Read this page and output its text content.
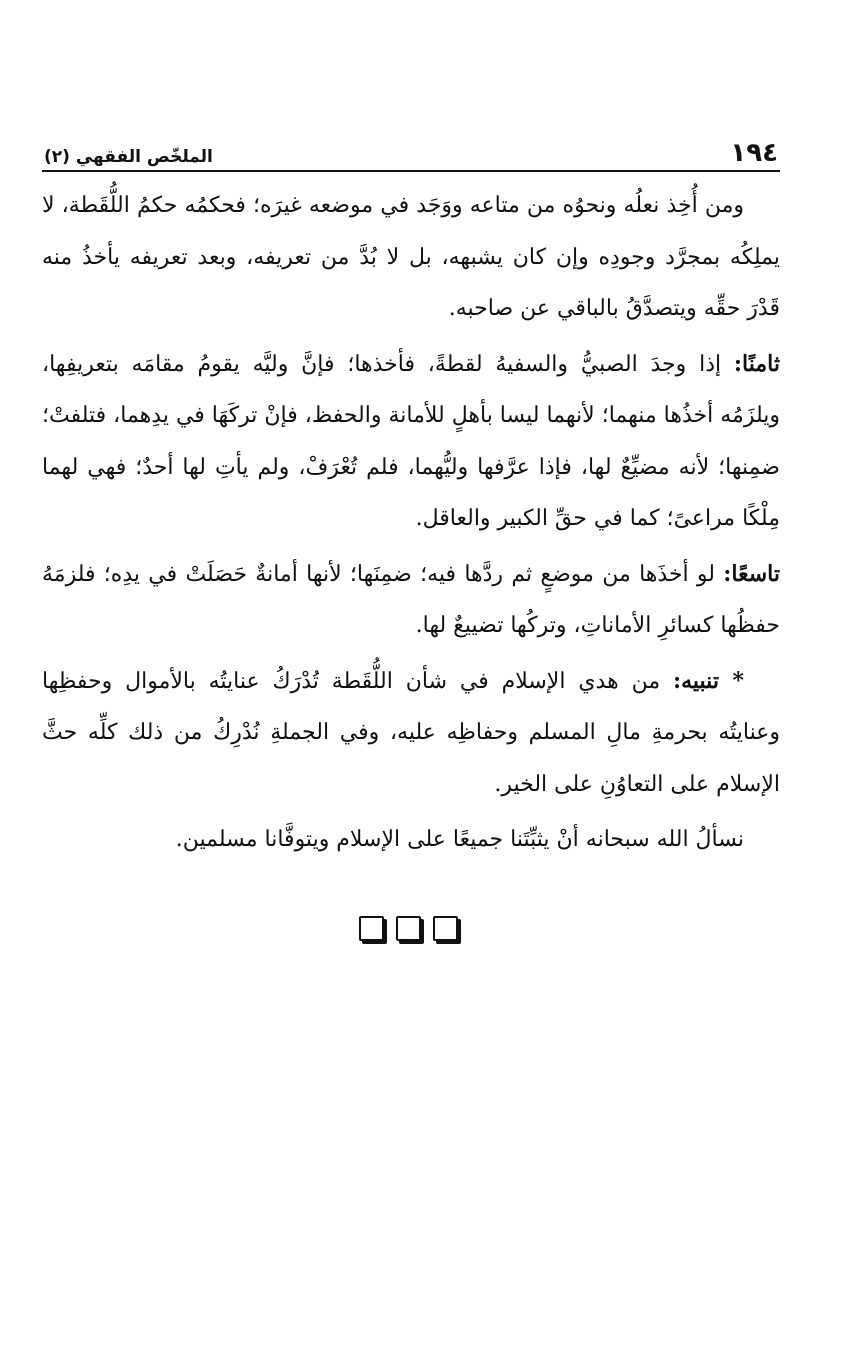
١٩٤
الملخّص الفقهي (٢)

ومن أُخِذ نعلُه ونحوُه من متاعه ووَجَد في موضعه غيرَه؛ فحكمُه حكمُ اللُّقَطة، لا يملِكُه بمجرَّد وجودِه وإن كان يشبهه، بل لا بُدَّ من تعريفه، وبعد تعريفه يأخذُ منه قَدْرَ حقِّه ويتصدَّقُ بالباقي عن صاحبه.

ثامنًا: إذا وجدَ الصبيُّ والسفيهُ لقطةً، فأخذها؛ فإنَّ وليَّه يقومُ مقامَه بتعريفِها، ويلزَمُه أخذُها منهما؛ لأنهما ليسا بأهلٍ للأمانة والحفظ، فإنْ تركَهَا في يدِهما، فتلفتْ؛ ضمِنها؛ لأنه مضيِّعٌ لها، فإذا عرَّفها وليُّهما، فلم تُعْرَفْ، ولم يأتِ لها أحدٌ؛ فهي لهما مِلْكًا مراعىً؛ كما في حقِّ الكبير والعاقل.

تاسعًا: لو أخذَها من موضعٍ ثم ردَّها فيه؛ ضمِنَها؛ لأنها أمانةٌ حَصَلَتْ في يدِه؛ فلزمَهُ حفظُها كسائرِ الأماناتِ، وتركُها تضييعٌ لها.

* تنبيه: من هدي الإسلام في شأن اللُّقَطة تُدْرَكُ عنايتُه بالأموال وحفظِها وعنايتُه بحرمةِ مالِ المسلم وحفاظِه عليه، وفي الجملةِ نُدْرِكُ من ذلك كلِّه حثَّ الإسلام على التعاوُنِ على الخير.

نسألُ الله سبحانه أنْ يثبِّتَنا جميعًا على الإسلام ويتوفَّانا مسلمين.
